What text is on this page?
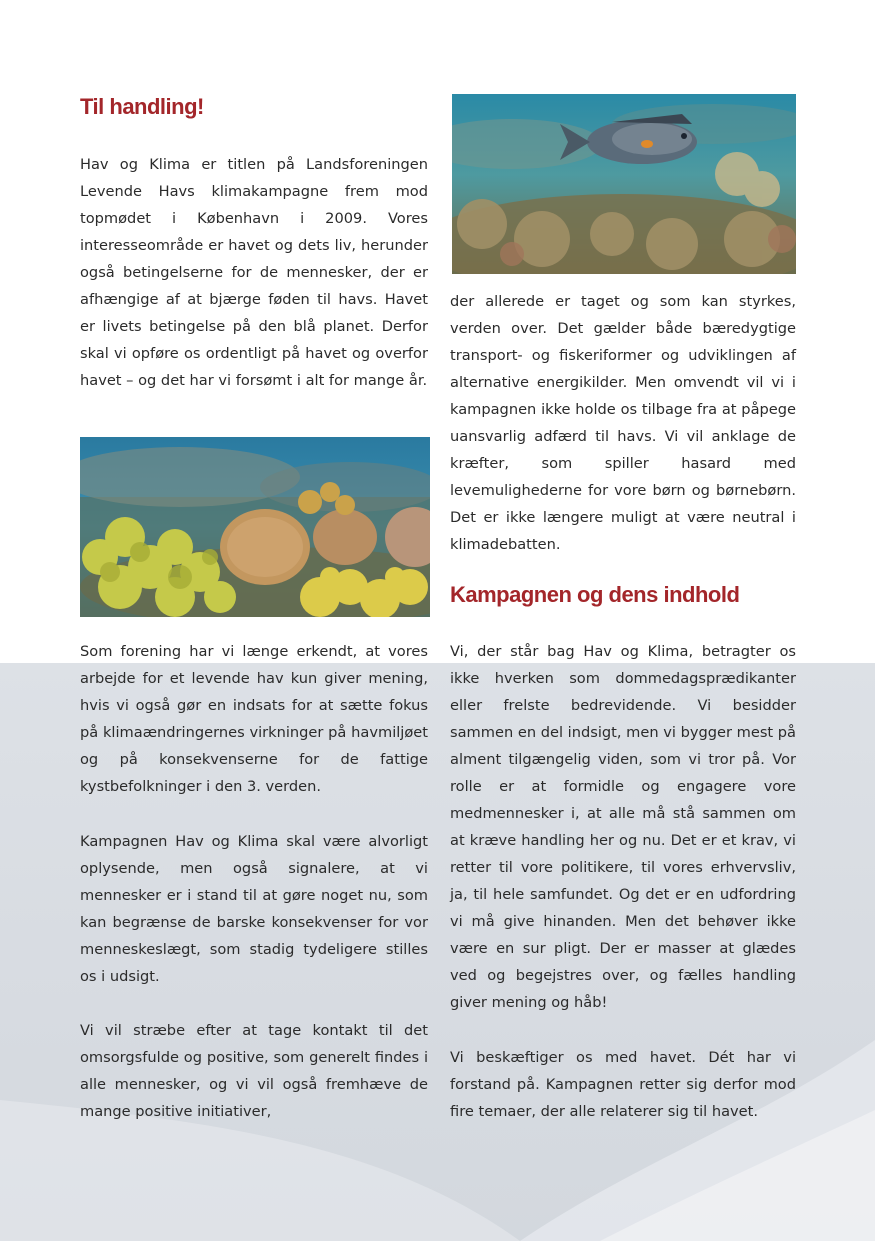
Til handling!

Hav og Klima er titlen på Landsforeningen Levende Havs klimakampagne frem mod topmødet i København i 2009. Vores interesseområde er havet og dets liv, herunder også betingelserne for de mennesker, der er afhængige af at bjærge føden til havs. Havet er livets betingelse på den blå planet. Derfor skal vi opføre os ordentligt på havet og overfor havet – og det har vi forsømt i alt for mange år.

Som forening har vi længe erkendt, at vores arbejde for et levende hav kun giver mening, hvis vi også gør en indsats for at sætte fokus på klimaændringernes virkninger på havmiljøet og på konsekvenserne for de fattige kystbefolkninger i den 3. verden.

Kampagnen Hav og Klima skal være alvorligt oplysende, men også signalere, at vi mennesker er i stand til at gøre noget nu, som kan begrænse de barske konsekvenser for vor menneskeslægt, som stadig tydeligere stilles os i udsigt.

Vi vil stræbe efter at tage kontakt til det omsorgsfulde og positive, som generelt findes i alle mennesker, og vi vil også fremhæve de mange positive initiativer,

der allerede er taget og som kan styrkes, verden over. Det gælder både bæredygtige transport- og fiskeriformer og udviklingen af alternative energikilder. Men omvendt vil vi i kampagnen ikke holde os tilbage fra at påpege uansvarlig adfærd til havs. Vi vil anklage de kræfter, som spiller hasard med levemulighederne for vore børn og børnebørn. Det er ikke længere muligt at være neutral i klimadebatten.

Kampagnen og dens indhold

Vi, der står bag Hav og Klima, betragter os ikke hverken som dommedagsprædikanter eller frelste bedrevidende. Vi besidder sammen en del indsigt, men vi bygger mest på alment tilgængelig viden, som vi tror på. Vor rolle er at formidle og engagere vore medmennesker i, at alle må stå sammen om at kræve handling her og nu. Det er et krav, vi retter til vore politikere, til vores erhvervsliv, ja, til hele samfundet. Og det er en udfordring vi må give hinanden. Men det behøver ikke være en sur pligt. Der er masser at glædes ved og begejstres over, og fælles handling giver mening og håb!

Vi beskæftiger os med havet. Dét har vi forstand på. Kampagnen retter sig derfor mod fire temaer, der alle relaterer sig til havet.
